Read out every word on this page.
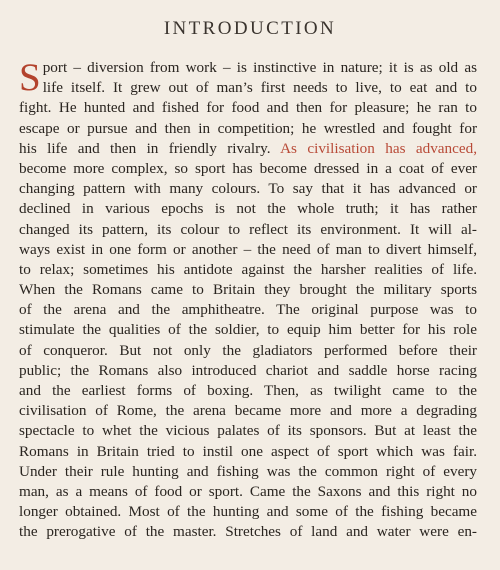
INTRODUCTION
Sport – diversion from work – is instinctive in nature; it is as old as
life itself. It grew out of man’s first needs to live, to eat and to
fight. He hunted and fished for food and then for pleasure; he ran to
escape or pursue and then in competition; he wrestled and fought for
his life and then in friendly rivalry. As civilisation has advanced,
become more complex, so sport has become dressed in a coat of ever
changing pattern with many colours. To say that it has advanced or
declined in various epochs is not the whole truth; it has rather
changed its pattern, its colour to reflect its environment. It will al-
ways exist in one form or another – the need of man to divert himself,
to relax; sometimes his antidote against the harsher realities of life.
When the Romans came to Britain they brought the military sports
of the arena and the amphitheatre. The original purpose was to
stimulate the qualities of the soldier, to equip him better for his role
of conqueror. But not only the gladiators performed before their
public; the Romans also introduced chariot and saddle horse racing
and the earliest forms of boxing. Then, as twilight came to the
civilisation of Rome, the arena became more and more a degrading
spectacle to whet the vicious palates of its sponsors. But at least the
Romans in Britain tried to instil one aspect of sport which was fair.
Under their rule hunting and fishing was the common right of every
man, as a means of food or sport. Came the Saxons and this right no
longer obtained. Most of the hunting and some of the fishing became
the prerogative of the master. Stretches of land and water were en-
